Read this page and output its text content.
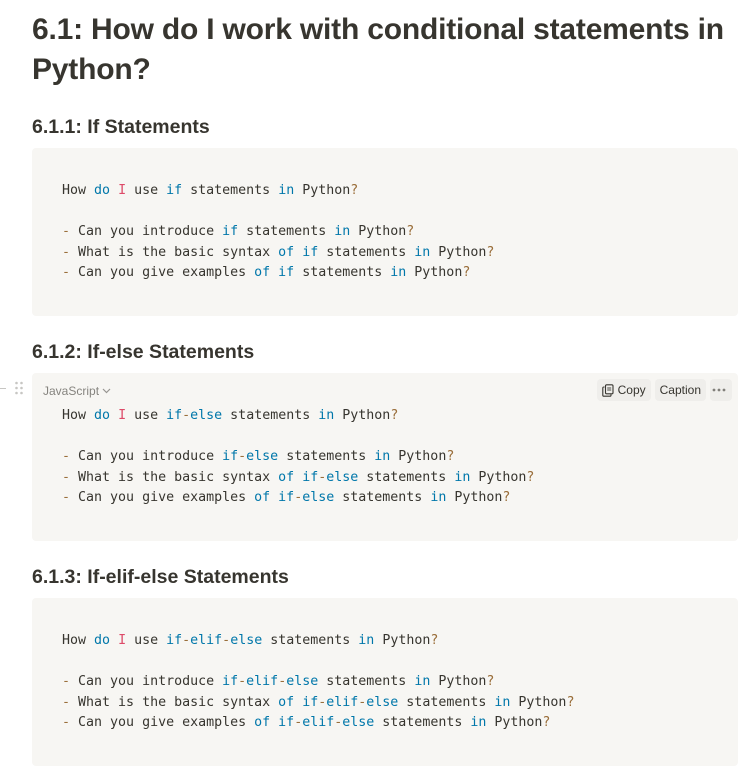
6.1: How do I work with conditional statements in Python?
6.1.1: If Statements
How do I use if statements in Python?
- Can you introduce if statements in Python?
- What is the basic syntax of if statements in Python?
- Can you give examples of if statements in Python?
6.1.2: If-else Statements
JavaScript	Copy Caption
How do I use if-else statements in Python?
- Can you introduce if-else statements in Python?
- What is the basic syntax of if-else statements in Python?
- Can you give examples of if-else statements in Python?
6.1.3: If-elif-else Statements
How do I use if-elif-else statements in Python?
- Can you introduce if-elif-else statements in Python?
- What is the basic syntax of if-elif-else statements in Python?
- Can you give examples of if-elif-else statements in Python?
